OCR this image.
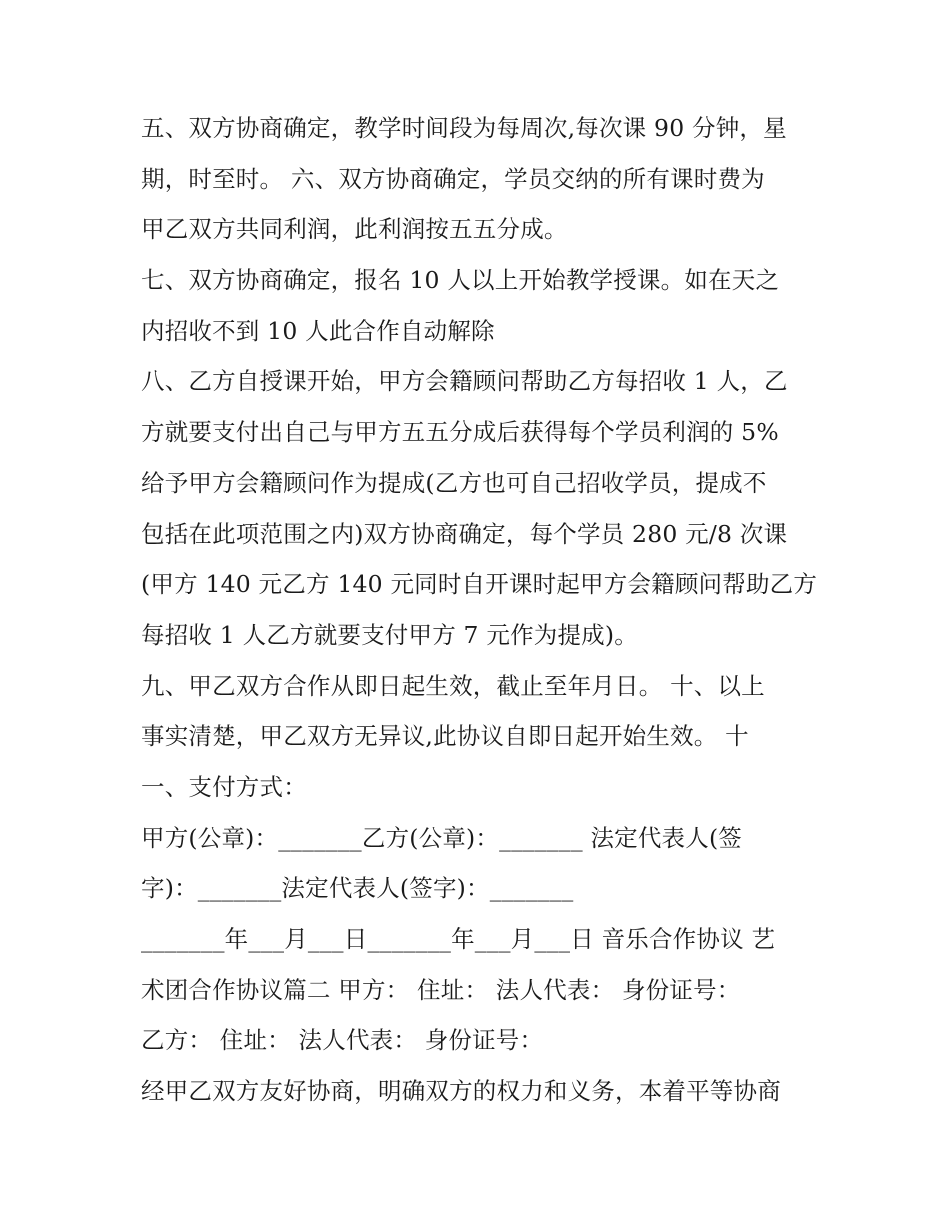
五、双方协商确定，教学时间段为每周次,每次课 90 分钟，星
期，时至时。 六、双方协商确定，学员交纳的所有课时费为
甲乙双方共同利润，此利润按五五分成。
七、双方协商确定，报名 10 人以上开始教学授课。如在天之
内招收不到 10 人此合作自动解除
八、乙方自授课开始，甲方会籍顾问帮助乙方每招收 1 人，乙
方就要支付出自己与甲方五五分成后获得每个学员利润的 5%
给予甲方会籍顾问作为提成(乙方也可自己招收学员，提成不
包括在此项范围之内)双方协商确定，每个学员 280 元/8 次课
(甲方 140 元乙方 140 元同时自开课时起甲方会籍顾问帮助乙方
每招收 1 人乙方就要支付甲方 7 元作为提成)。
九、甲乙双方合作从即日起生效，截止至年月日。 十、以上
事实清楚，甲乙双方无异议,此协议自即日起开始生效。 十
一、支付方式：
甲方(公章)：_______乙方(公章)：_______ 法定代表人(签
字)：_______法定代表人(签字)：_______
_______年___月___日_______年___月___日 音乐合作协议 艺
术团合作协议篇二 甲方： 住址： 法人代表： 身份证号：
乙方： 住址： 法人代表： 身份证号：
经甲乙双方友好协商，明确双方的权力和义务，本着平等协商
